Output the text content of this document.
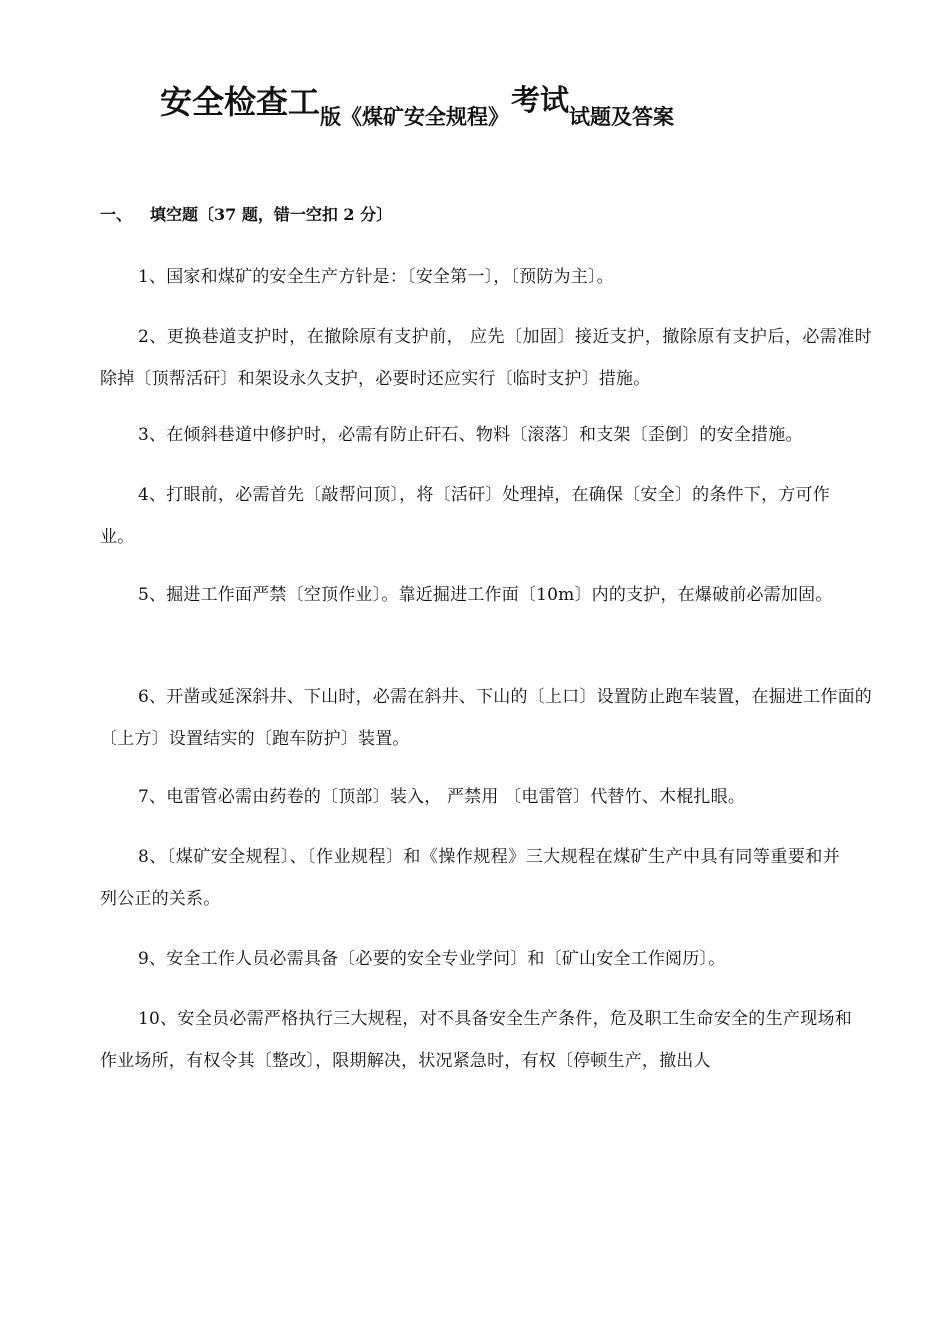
安全检查工版《煤矿安全规程》考试试题及答案
一、 填空题〔37 题，错一空扣 2 分〕

1、国家和煤矿的安全生产方针是：〔安全第一〕，〔预防为主〕。

2、更换巷道支护时，在撤除原有支护前， 应先〔加固〕接近支护，撤除原有支护后，必需准时除掉〔顶帮活矸〕和架设永久支护，必要时还应实行〔临时支护〕措施。

3、在倾斜巷道中修护时，必需有防止矸石、物料〔滚落〕和支架〔歪倒〕的安全措施。

4、打眼前，必需首先〔敲帮问顶〕，将〔活矸〕处理掉，在确保〔安全〕的条件下，方可作业。

5、掘进工作面严禁〔空顶作业〕。靠近掘进工作面〔10m〕内的支护，在爆破前必需加固。

6、开凿或延深斜井、下山时，必需在斜井、下山的〔上口〕设置防止跑车装置，在掘进工作面的〔上方〕设置结实的〔跑车防护〕装置。

7、电雷管必需由药卷的〔顶部〕装入， 严禁用 〔电雷管〕代替竹、木棍扎眼。

8、〔煤矿安全规程〕、〔作业规程〕和《操作规程》三大规程在煤矿生产中具有同等重要和并列公正的关系。

9、安全工作人员必需具备〔必要的安全专业学问〕和〔矿山安全工作阅历〕。

10、安全员必需严格执行三大规程，对不具备安全生产条件，危及职工生命安全的生产现场和作业场所，有权令其〔整改〕，限期解决，状况紧急时，有权〔停顿生产，撤出人
